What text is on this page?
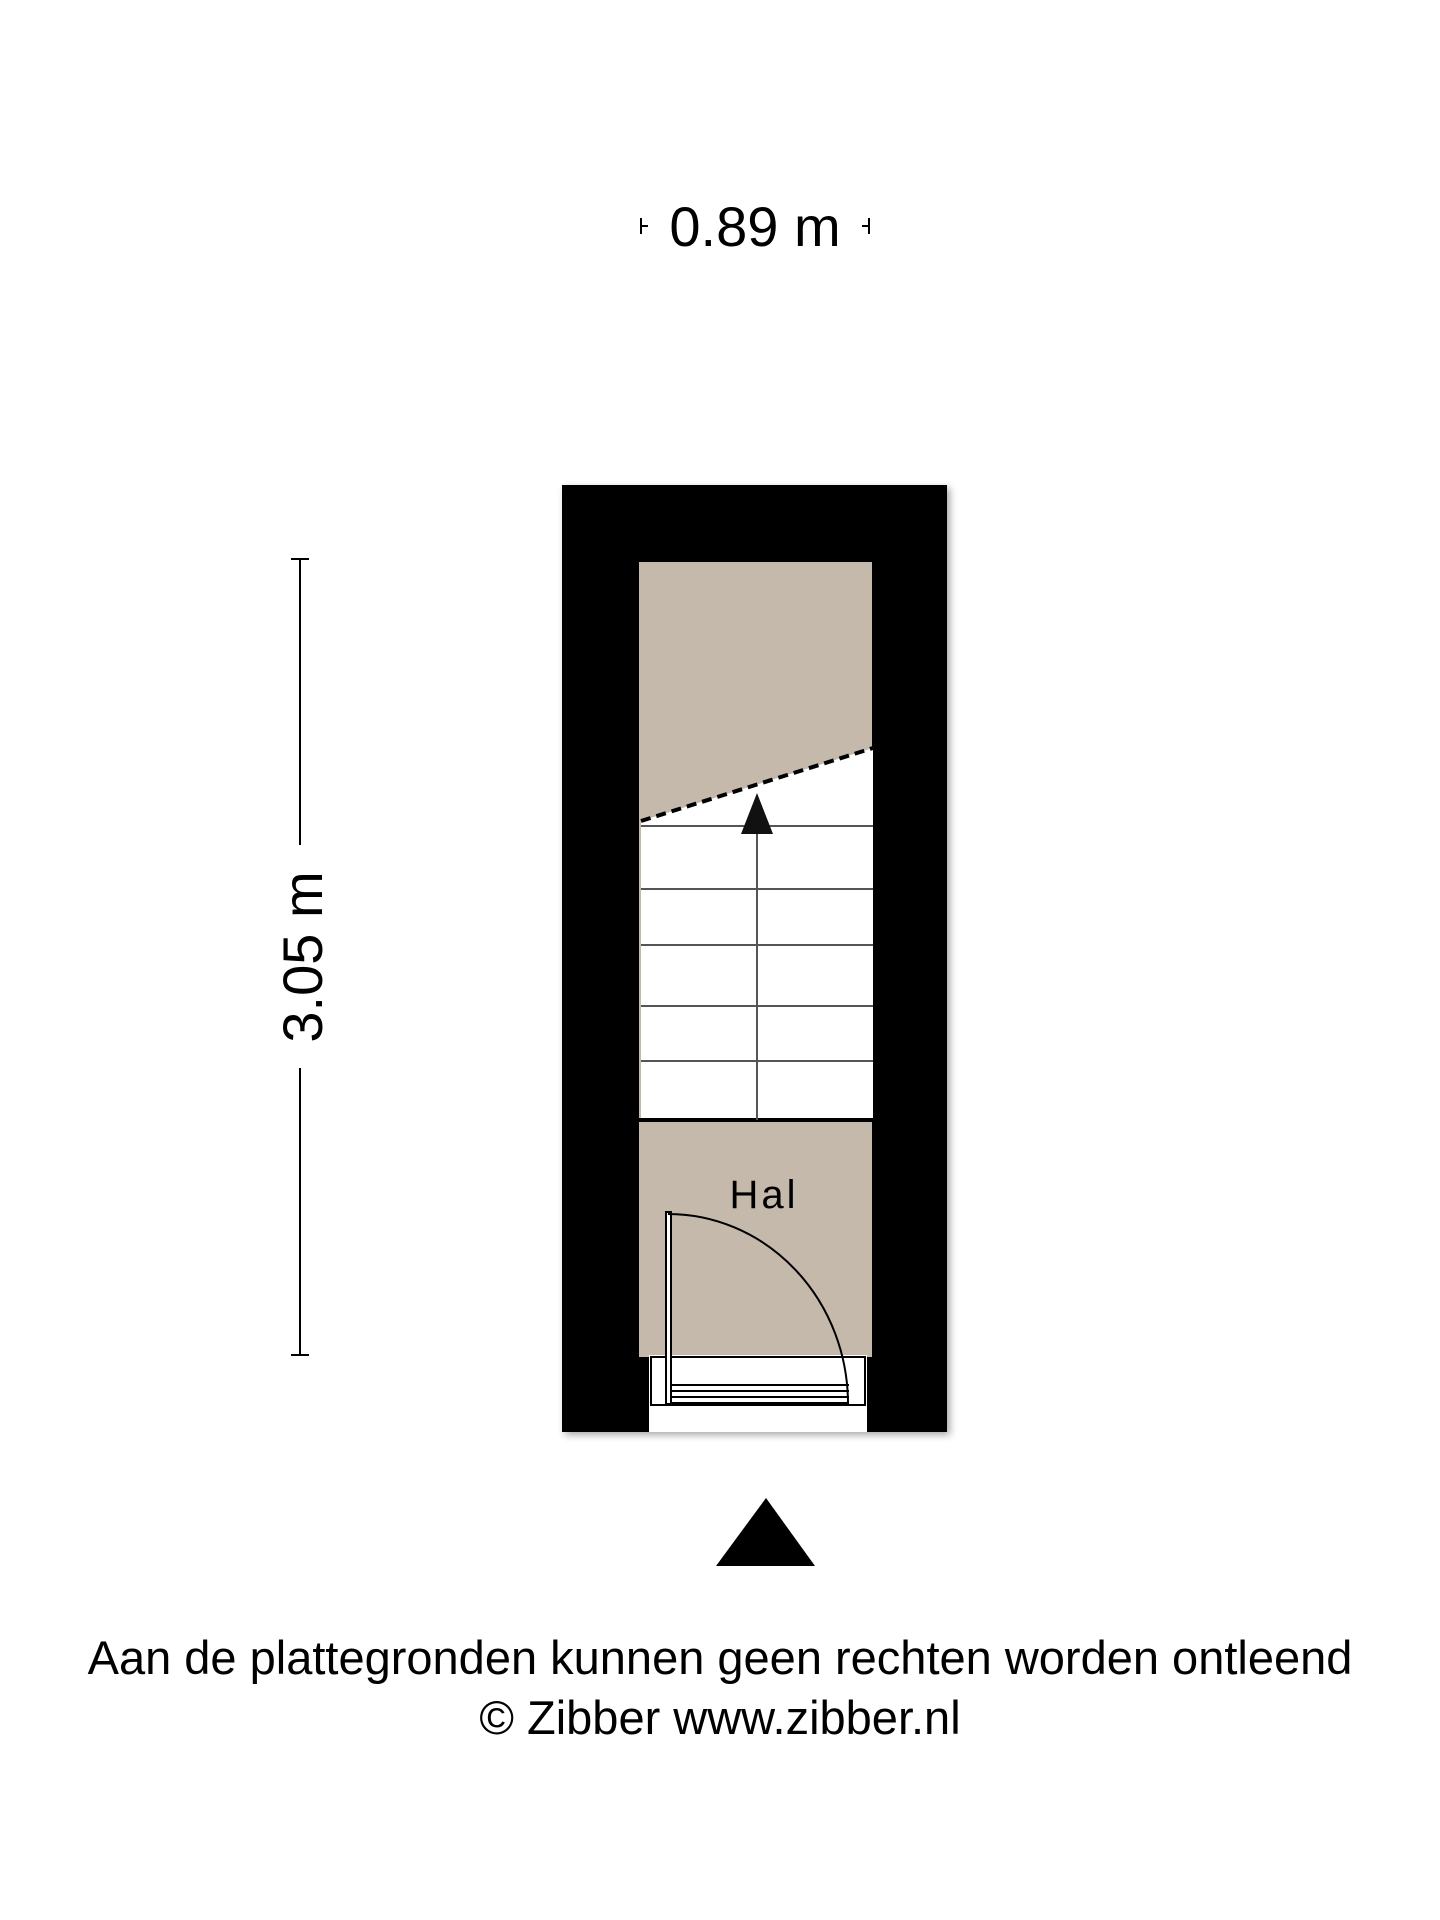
0.89 m
3.05 m
Hal
Aan de plattegronden kunnen geen rechten worden ontleend
© Zibber www.zibber.nl
